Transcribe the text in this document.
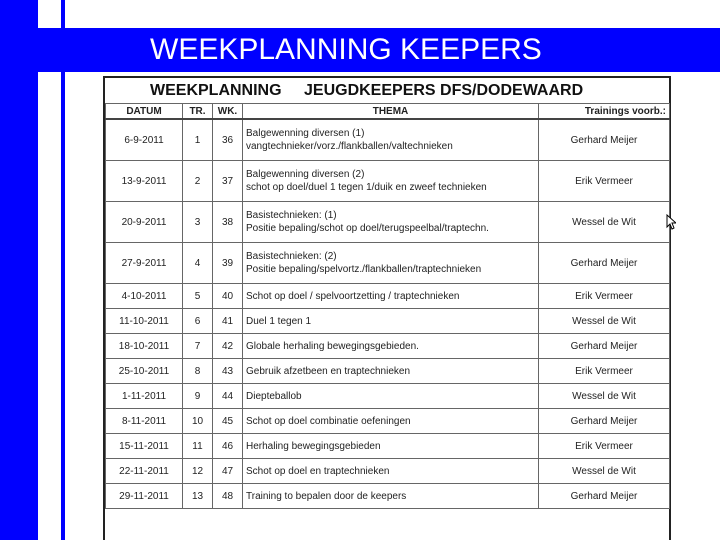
WEEKPLANNING KEEPERS
WEEKPLANNING JEUGDKEEPERS DFS/DODEWAARD
DATUM	TR.	WK.	THEMA	Trainings voorb.:
6-9-2011	1	36	Balgewenning diversen (1)
vangtechnieker/vorz./flankballen/valtechnieken	Gerhard Meijer
13-9-2011	2	37	Balgewenning diversen (2)
schot op doel/duel 1 tegen 1/duik en zweef technieken	Erik Vermeer
20-9-2011	3	38	Basistechnieken: (1)
Positie bepaling/schot op doel/terugspeelbal/traptechn.	Wessel de Wit
27-9-2011	4	39	Basistechnieken: (2)
Positie bepaling/spelvortz./flankballen/traptechnieken	Gerhard Meijer
4-10-2011	5	40	Schot op doel / spelvoortzetting / traptechnieken	Erik Vermeer
11-10-2011	6	41	Duel 1 tegen 1	Wessel de Wit
18-10-2011	7	42	Globale herhaling bewegingsgebieden.	Gerhard Meijer
25-10-2011	8	43	Gebruik afzetbeen en traptechnieken	Erik Vermeer
1-11-2011	9	44	Diepteballob	Wessel de Wit
8-11-2011	10	45	Schot op doel combinatie oefeningen	Gerhard Meijer
15-11-2011	11	46	Herhaling bewegingsgebieden	Erik Vermeer
22-11-2011	12	47	Schot op doel en traptechnieken	Wessel de Wit
29-11-2011	13	48	Training to bepalen door de keepers	Gerhard Meijer
